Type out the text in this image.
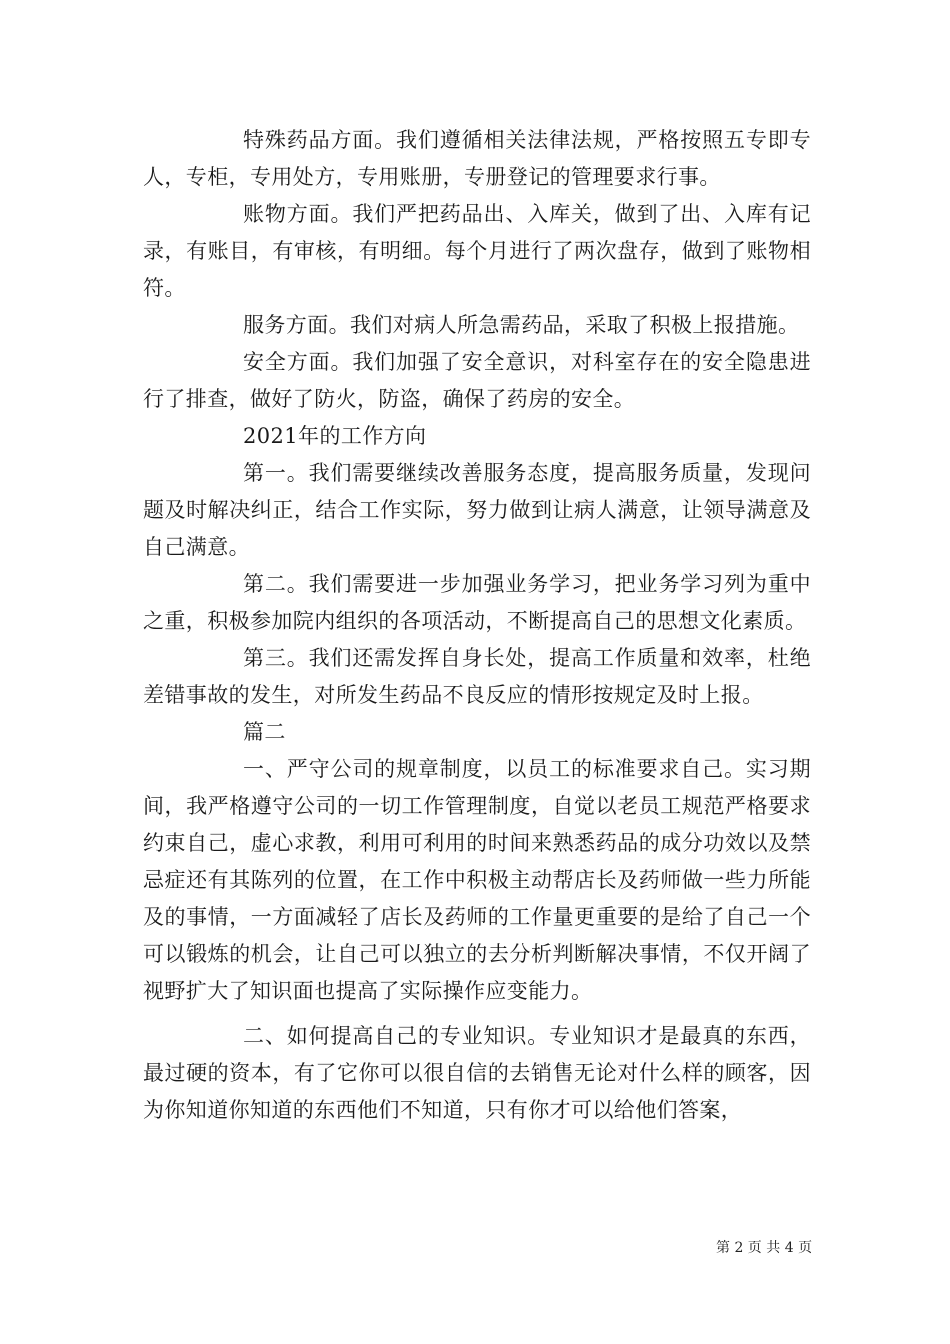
特殊药品方面。我们遵循相关法律法规，严格按照五专即专人，专柜，专用处方，专用账册，专册登记的管理要求行事。

账物方面。我们严把药品出、入库关，做到了出、入库有记录，有账目，有审核，有明细。每个月进行了两次盘存，做到了账物相符。

服务方面。我们对病人所急需药品，采取了积极上报措施。

安全方面。我们加强了安全意识，对科室存在的安全隐患进行了排查，做好了防火，防盗，确保了药房的安全。

2021年的工作方向

第一。我们需要继续改善服务态度，提高服务质量，发现问题及时解决纠正，结合工作实际，努力做到让病人满意，让领导满意及自己满意。

第二。我们需要进一步加强业务学习，把业务学习列为重中之重，积极参加院内组织的各项活动，不断提高自己的思想文化素质。

第三。我们还需发挥自身长处，提高工作质量和效率，杜绝差错事故的发生，对所发生药品不良反应的情形按规定及时上报。

篇二

一、严守公司的规章制度，以员工的标准要求自己。实习期间，我严格遵守公司的一切工作管理制度，自觉以老员工规范严格要求约束自己，虚心求教，利用可利用的时间来熟悉药品的成分功效以及禁忌症还有其陈列的位置，在工作中积极主动帮店长及药师做一些力所能及的事情，一方面减轻了店长及药师的工作量更重要的是给了自己一个可以锻炼的机会，让自己可以独立的去分析判断解决事情，不仅开阔了视野扩大了知识面也提高了实际操作应变能力。

二、如何提高自己的专业知识。专业知识才是最真的东西，最过硬的资本，有了它你可以很自信的去销售无论对什么样的顾客，因为你知道你知道的东西他们不知道，只有你才可以给他们答案，

第 2 页 共 4 页
